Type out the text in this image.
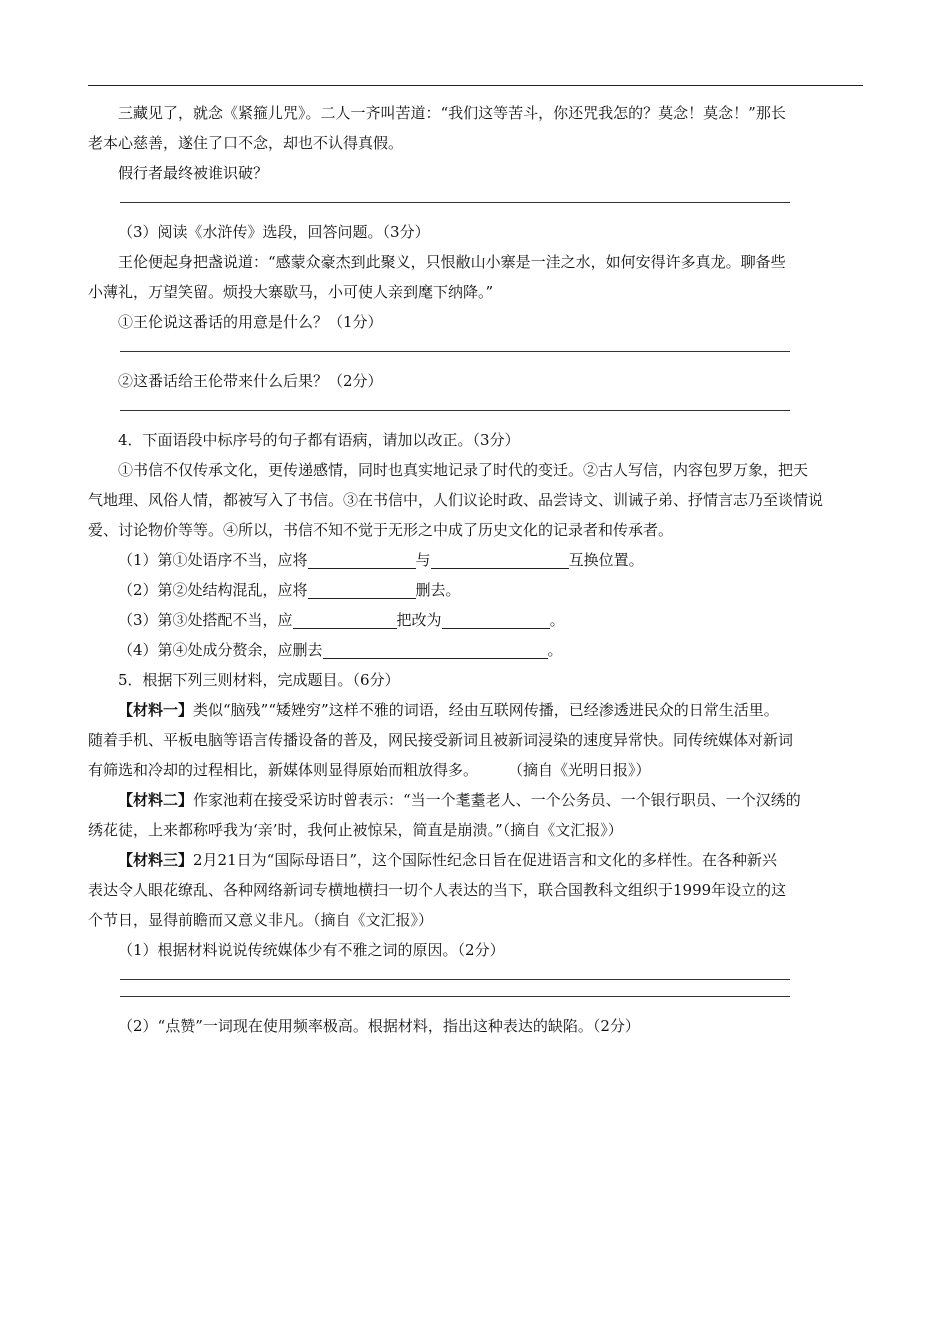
三藏见了，就念《紧箍儿咒》。二人一齐叫苦道：“我们这等苦斗，你还咒我怎的？莫念！莫念！”那长

老本心慈善，遂住了口不念，却也不认得真假。

假行者最终被谁识破？
（3）阅读《水浒传》选段，回答问题。（3分）

王伦便起身把盏说道：“感蒙众豪杰到此聚义，只恨敝山小寨是一洼之水，如何安得许多真龙。聊备些

小薄礼，万望笑留。烦投大寨歇马，小可使人亲到麾下纳降。”

①王伦说这番话的用意是什么？（1分）
②这番话给王伦带来什么后果？（2分）
4．下面语段中标序号的句子都有语病，请加以改正。（3分）

①书信不仅传承文化，更传递感情，同时也真实地记录了时代的变迁。②古人写信，内容包罗万象，把天

气地理、风俗人情，都被写入了书信。③在书信中，人们议论时政、品尝诗文、训诫子弟、抒情言志乃至谈情说

爱、讨论物价等等。④所以，书信不知不觉于无形之中成了历史文化的记录者和传承者。

（1）第①处语序不当，应将	与	互换位置。
（2）第②处结构混乱，应将	删去。
（3）第③处搭配不当，应	把改为	。
（4）第④处成分赘余，应删去	。
5．根据下列三则材料，完成题目。（6分）

【材料一】类似“脑残”“矮矬穷”这样不雅的词语，经由互联网传播，已经渗透进民众的日常生活里。

随着手机、平板电脑等语言传播设备的普及，网民接受新词且被新词浸染的速度异常快。同传统媒体对新词

有筛选和冷却的过程相比，新媒体则显得原始而粗放得多。　　　（摘自《光明日报》）

【材料二】作家池莉在接受采访时曾表示：“当一个耄耋老人、一个公务员、一个银行职员、一个汉绣的

绣花徒，上来都称呼我为‘亲’时，我何止被惊呆，简直是崩溃。”（摘自《文汇报》）

【材料三】2月21日为“国际母语日”，这个国际性纪念日旨在促进语言和文化的多样性。在各种新兴

表达令人眼花缭乱、各种网络新词专横地横扫一切个人表达的当下，联合国教科文组织于1999年设立的这

个节日，显得前瞻而又意义非凡。（摘自《文汇报》）

（1）根据材料说说传统媒体少有不雅之词的原因。（2分）
（2）“点赞”一词现在使用频率极高。根据材料，指出这种表达的缺陷。（2分）
